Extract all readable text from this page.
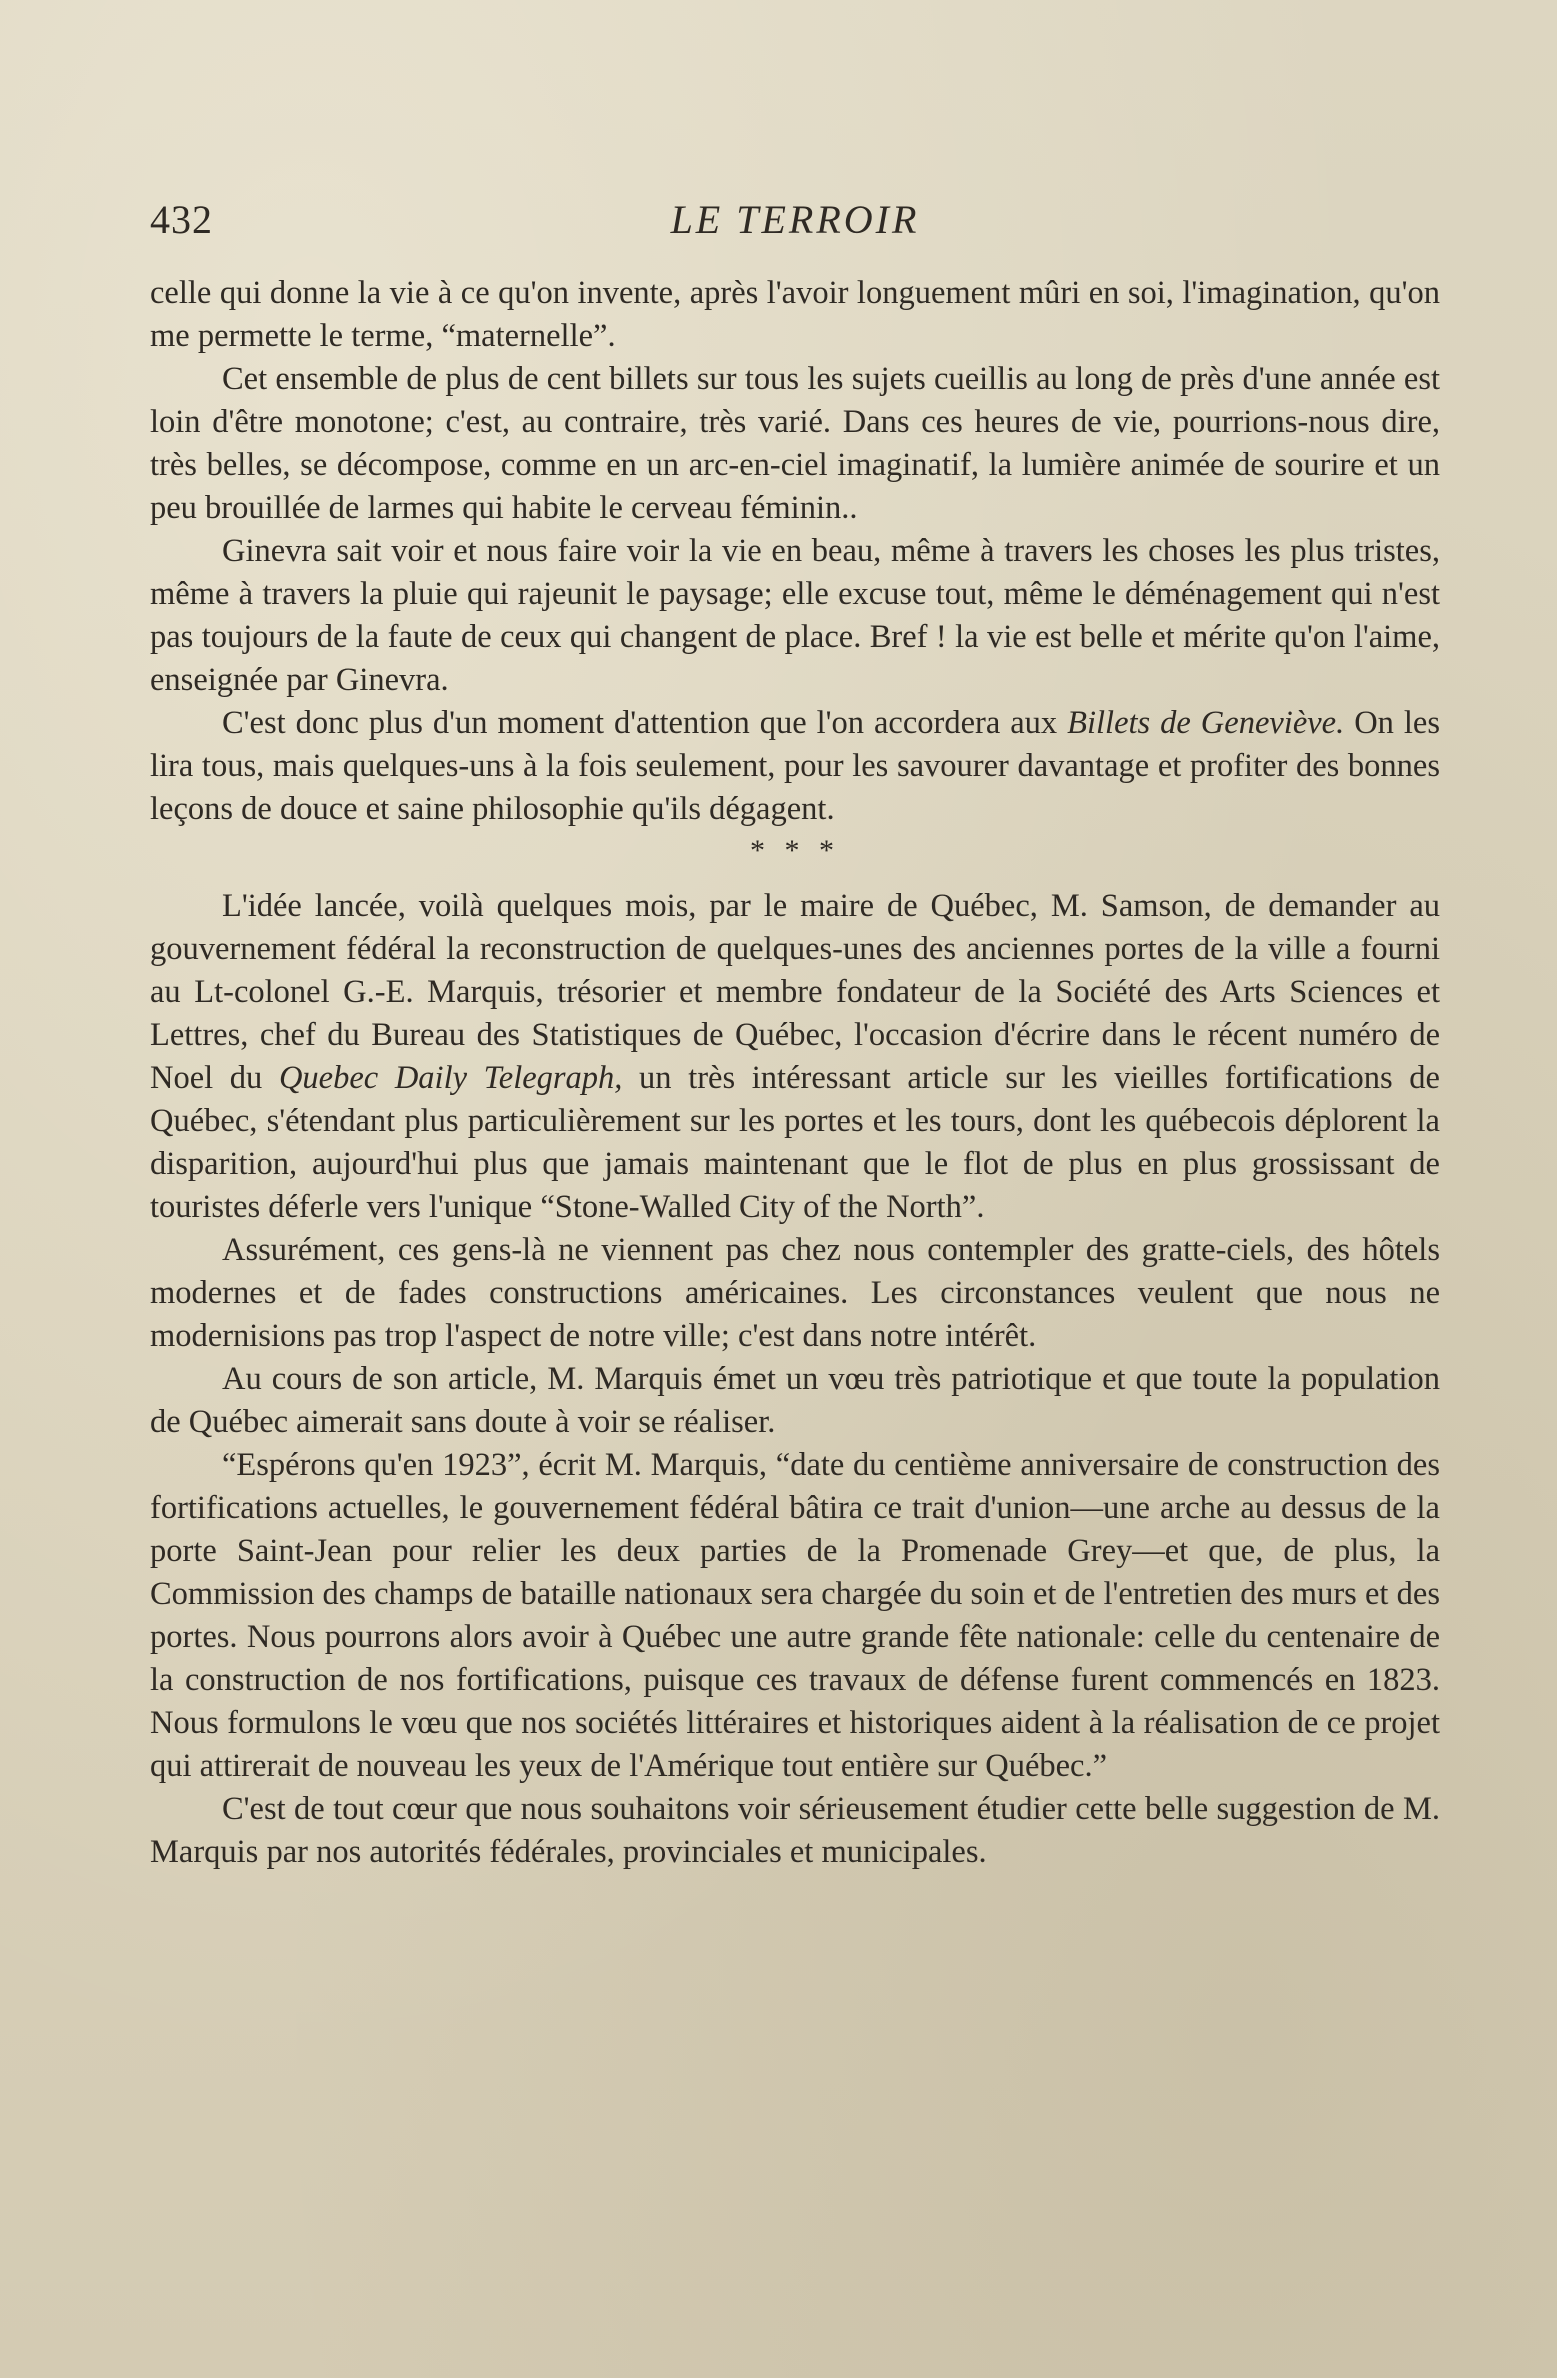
432	LE TERROIR

celle qui donne la vie à ce qu'on invente, après l'avoir longuement mûri en soi, l'imagination, qu'on me permette le terme, “maternelle”.

Cet ensemble de plus de cent billets sur tous les sujets cueillis au long de près d'une année est loin d'être monotone; c'est, au contraire, très varié. Dans ces heures de vie, pourrions-nous dire, très belles, se décompose, comme en un arc-en-ciel imaginatif, la lumière animée de sourire et un peu brouillée de larmes qui habite le cerveau féminin..

Ginevra sait voir et nous faire voir la vie en beau, même à travers les choses les plus tristes, même à travers la pluie qui rajeunit le paysage; elle excuse tout, même le déménagement qui n'est pas toujours de la faute de ceux qui changent de place. Bref ! la vie est belle et mérite qu'on l'aime, enseignée par Ginevra.

C'est donc plus d'un moment d'attention que l'on accordera aux Billets de Geneviève. On les lira tous, mais quelques-uns à la fois seulement, pour les savourer davantage et profiter des bonnes leçons de douce et saine philosophie qu'ils dégagent.

* * *

L'idée lancée, voilà quelques mois, par le maire de Québec, M. Samson, de demander au gouvernement fédéral la reconstruction de quelques-unes des anciennes portes de la ville a fourni au Lt-colonel G.-E. Marquis, trésorier et membre fondateur de la Société des Arts Sciences et Lettres, chef du Bureau des Statistiques de Québec, l'occasion d'écrire dans le récent numéro de Noel du Quebec Daily Telegraph, un très intéressant article sur les vieilles fortifications de Québec, s'étendant plus particulièrement sur les portes et les tours, dont les québecois déplorent la disparition, aujourd'hui plus que jamais maintenant que le flot de plus en plus grossissant de touristes déferle vers l'unique “Stone-Walled City of the North”.

Assurément, ces gens-là ne viennent pas chez nous contempler des gratte-ciels, des hôtels modernes et de fades constructions américaines. Les circonstances veulent que nous ne modernisions pas trop l'aspect de notre ville; c'est dans notre intérêt.

Au cours de son article, M. Marquis émet un vœu très patriotique et que toute la population de Québec aimerait sans doute à voir se réaliser.

“Espérons qu'en 1923”, écrit M. Marquis, “date du centième anniversaire de construction des fortifications actuelles, le gouvernement fédéral bâtira ce trait d'union—une arche au dessus de la porte Saint-Jean pour relier les deux parties de la Promenade Grey—et que, de plus, la Commission des champs de bataille nationaux sera chargée du soin et de l'entretien des murs et des portes. Nous pourrons alors avoir à Québec une autre grande fête nationale: celle du centenaire de la construction de nos fortifications, puisque ces travaux de défense furent commencés en 1823. Nous formulons le vœu que nos sociétés littéraires et historiques aident à la réalisation de ce projet qui attirerait de nouveau les yeux de l'Amérique tout entière sur Québec.”

C'est de tout cœur que nous souhaitons voir sérieusement étudier cette belle suggestion de M. Marquis par nos autorités fédérales, provinciales et municipales.
